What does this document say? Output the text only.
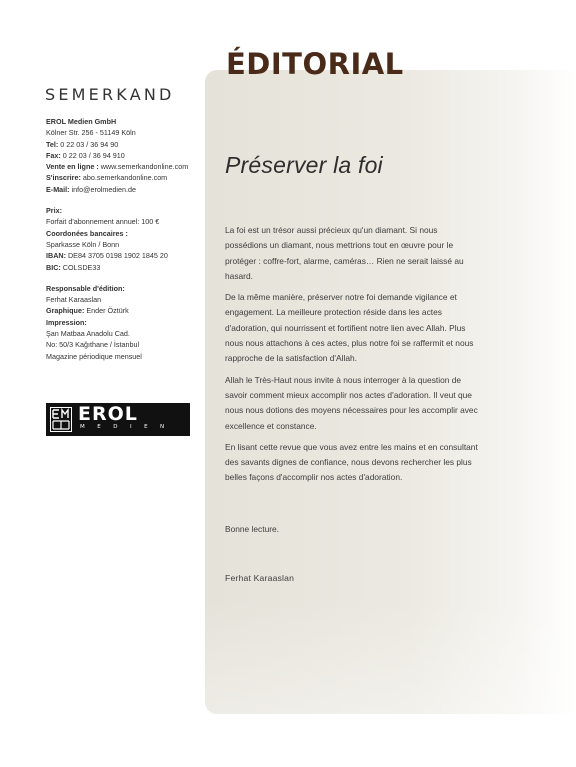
ÉDITORIAL
SEMERKAND
EROL Medien GmbH
Kölner Str. 256 - 51149 Köln
Tel: 0 22 03 / 36 94 90
Fax: 0 22 03 / 36 94 910
Vente en ligne : www.semerkandonline.com
S'inscrire: abo.semerkandonline.com
E-Mail: info@erolmedien.de
Prix:
Forfait d'abonnement annuel: 100 €
Coordonées bancaires :
Sparkasse Köln / Bonn
IBAN: DE84 3705 0198 1902 1845 20
BIC: COLSDE33
Responsable d'édition:
Ferhat Karaaslan
Graphique: Ender Öztürk
Impression:
Şan Matbaa Anadolu Cad.
No: 50/3 Kağıthane / İstanbul
Magazine périodique mensuel
EROL
MEDIEN
Préserver la foi

La foi est un trésor aussi précieux qu'un diamant. Si nous possédions un diamant, nous mettrions tout en œuvre pour le protéger : coffre-fort, alarme, caméras… Rien ne serait laissé au hasard.

De la même manière, préserver notre foi demande vigilance et engagement. La meilleure protection réside dans les actes d'adoration, qui nourrissent et fortifient notre lien avec Allah. Plus nous nous attachons à ces actes, plus notre foi se raffermit et nous rapproche de la satisfaction d'Allah.

Allah le Très-Haut nous invite à nous interroger à la question de savoir comment mieux accomplir nos actes d'adoration. Il veut que nous nous dotions des moyens nécessaires pour les accomplir avec excellence et constance.

En lisant cette revue que vous avez entre les mains et en consultant des savants dignes de confiance, nous devons rechercher les plus belles façons d'accomplir nos actes d'adoration.

Bonne lecture.
Ferhat Karaaslan
